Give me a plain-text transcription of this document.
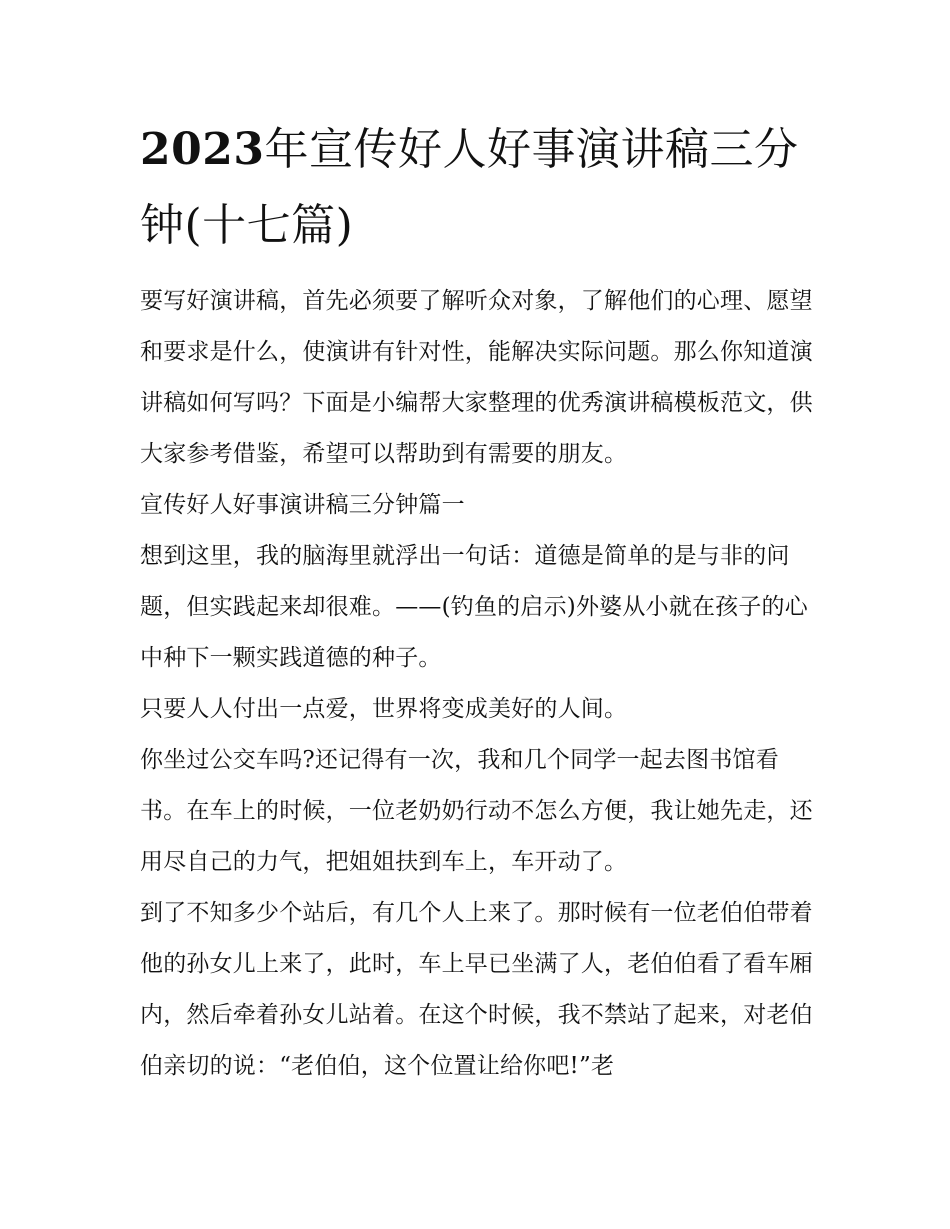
2023年宣传好人好事演讲稿三分钟(十七篇)

要写好演讲稿，首先必须要了解听众对象，了解他们的心理、愿望和要求是什么，使演讲有针对性，能解决实际问题。那么你知道演讲稿如何写吗？下面是小编帮大家整理的优秀演讲稿模板范文，供大家参考借鉴，希望可以帮助到有需要的朋友。

宣传好人好事演讲稿三分钟篇一

想到这里，我的脑海里就浮出一句话：道德是简单的是与非的问题，但实践起来却很难。——(钓鱼的启示)外婆从小就在孩子的心中种下一颗实践道德的种子。

只要人人付出一点爱，世界将变成美好的人间。

你坐过公交车吗?还记得有一次，我和几个同学一起去图书馆看书。在车上的时候，一位老奶奶行动不怎么方便，我让她先走，还用尽自己的力气，把姐姐扶到车上，车开动了。

到了不知多少个站后，有几个人上来了。那时候有一位老伯伯带着他的孙女儿上来了，此时，车上早已坐满了人，老伯伯看了看车厢内，然后牵着孙女儿站着。在这个时候，我不禁站了起来，对老伯伯亲切的说：“老伯伯，这个位置让给你吧!”老
